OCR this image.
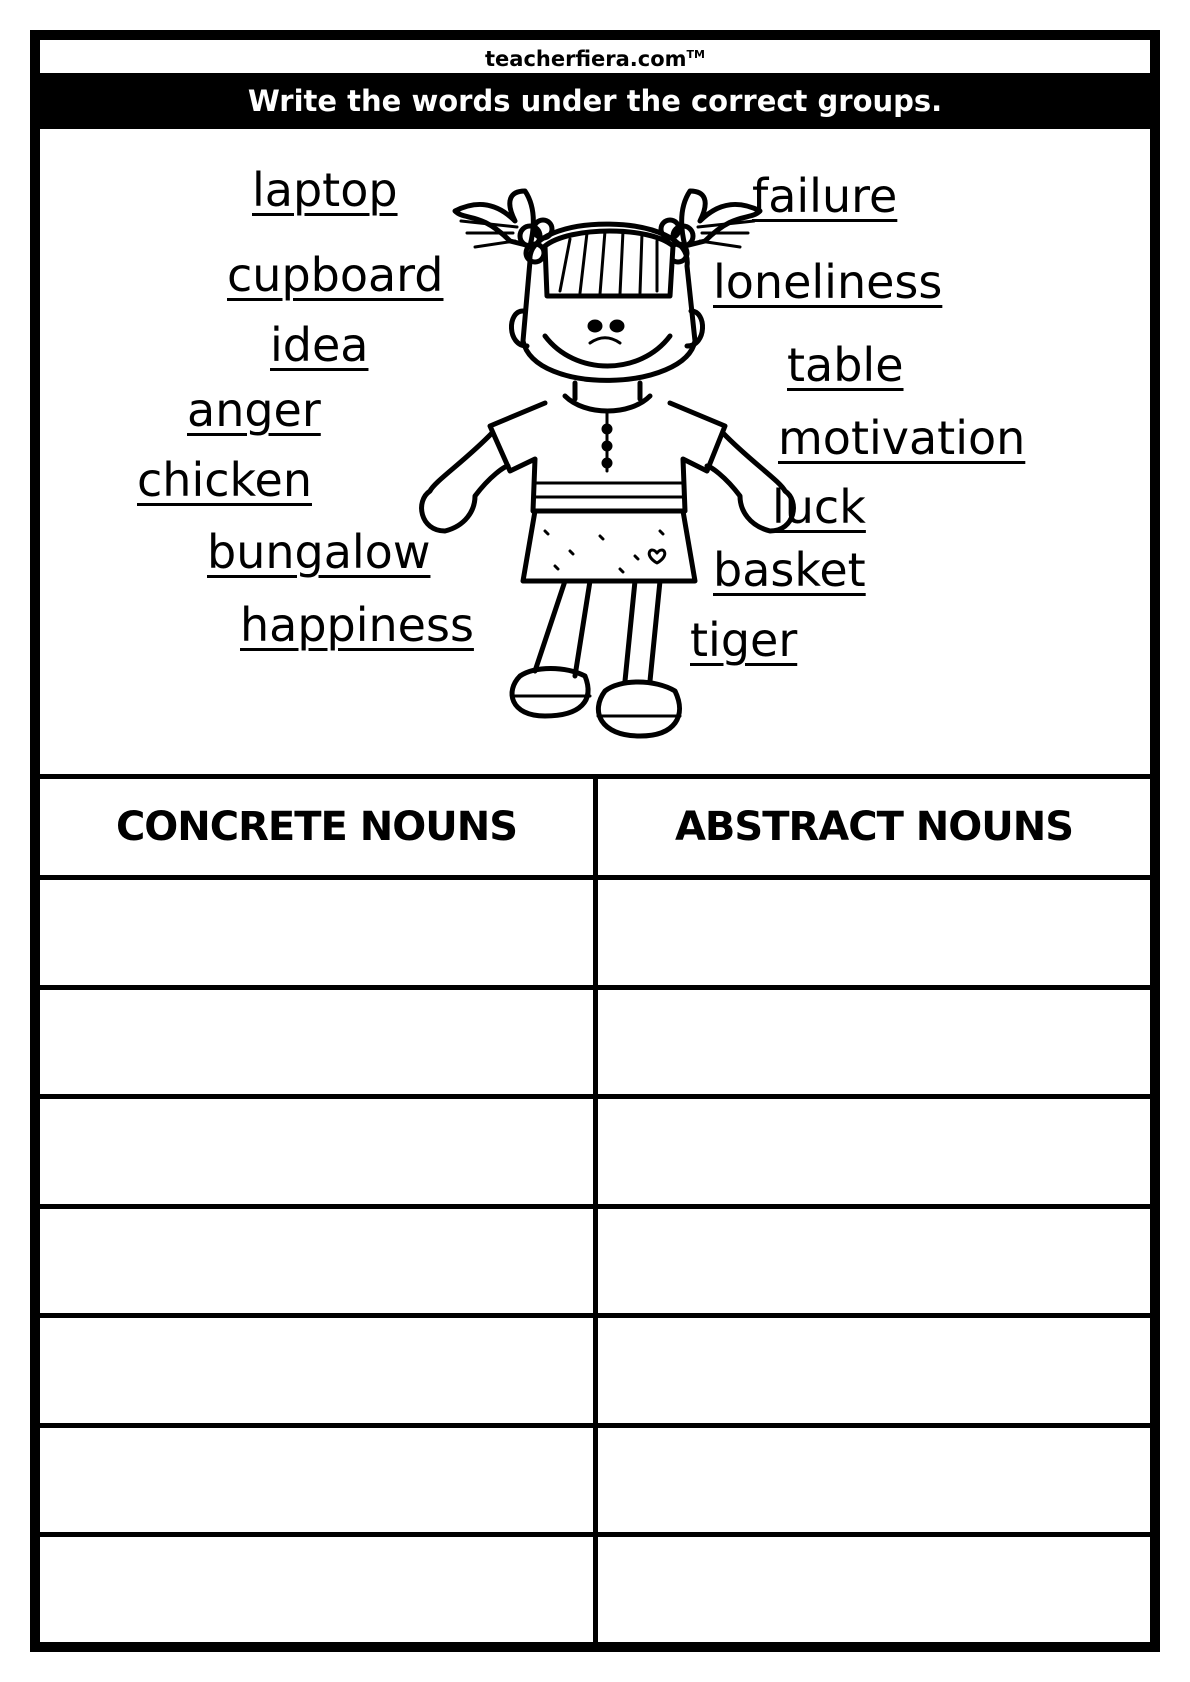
teacherfiera.com™
Write the words under the correct groups.
laptop
cupboard
idea
anger
chicken
bungalow
happiness
failure
loneliness
table
motivation
luck
basket
tiger
CONCRETE NOUNS	ABSTRACT NOUNS
